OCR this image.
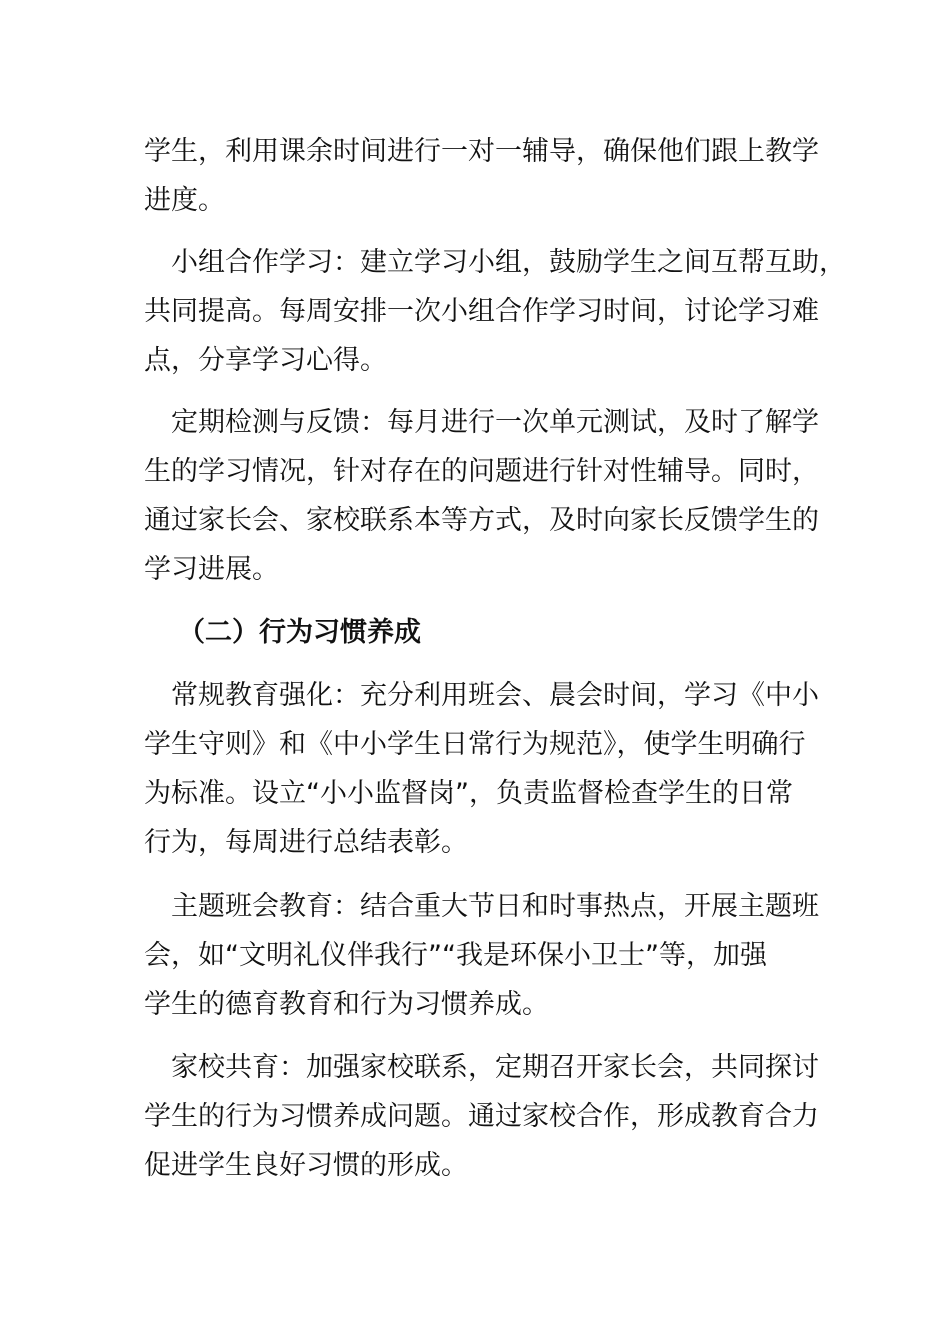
学生，利用课余时间进行一对一辅导，确保他们跟上教学
进度。
　小组合作学习：建立学习小组，鼓励学生之间互帮互助，
共同提高。每周安排一次小组合作学习时间，讨论学习难
点，分享学习心得。
　定期检测与反馈：每月进行一次单元测试，及时了解学
生的学习情况，针对存在的问题进行针对性辅导。同时，
通过家长会、家校联系本等方式，及时向家长反馈学生的
学习进展。
（二）行为习惯养成
　常规教育强化：充分利用班会、晨会时间，学习《中小
学生守则》和《中小学生日常行为规范》，使学生明确行
为标准。设立“小小监督岗”，负责监督检查学生的日常
行为，每周进行总结表彰。
　主题班会教育：结合重大节日和时事热点，开展主题班
会，如“文明礼仪伴我行”“我是环保小卫士”等，加强
学生的德育教育和行为习惯养成。
　家校共育：加强家校联系，定期召开家长会，共同探讨
学生的行为习惯养成问题。通过家校合作，形成教育合力
促进学生良好习惯的形成。
